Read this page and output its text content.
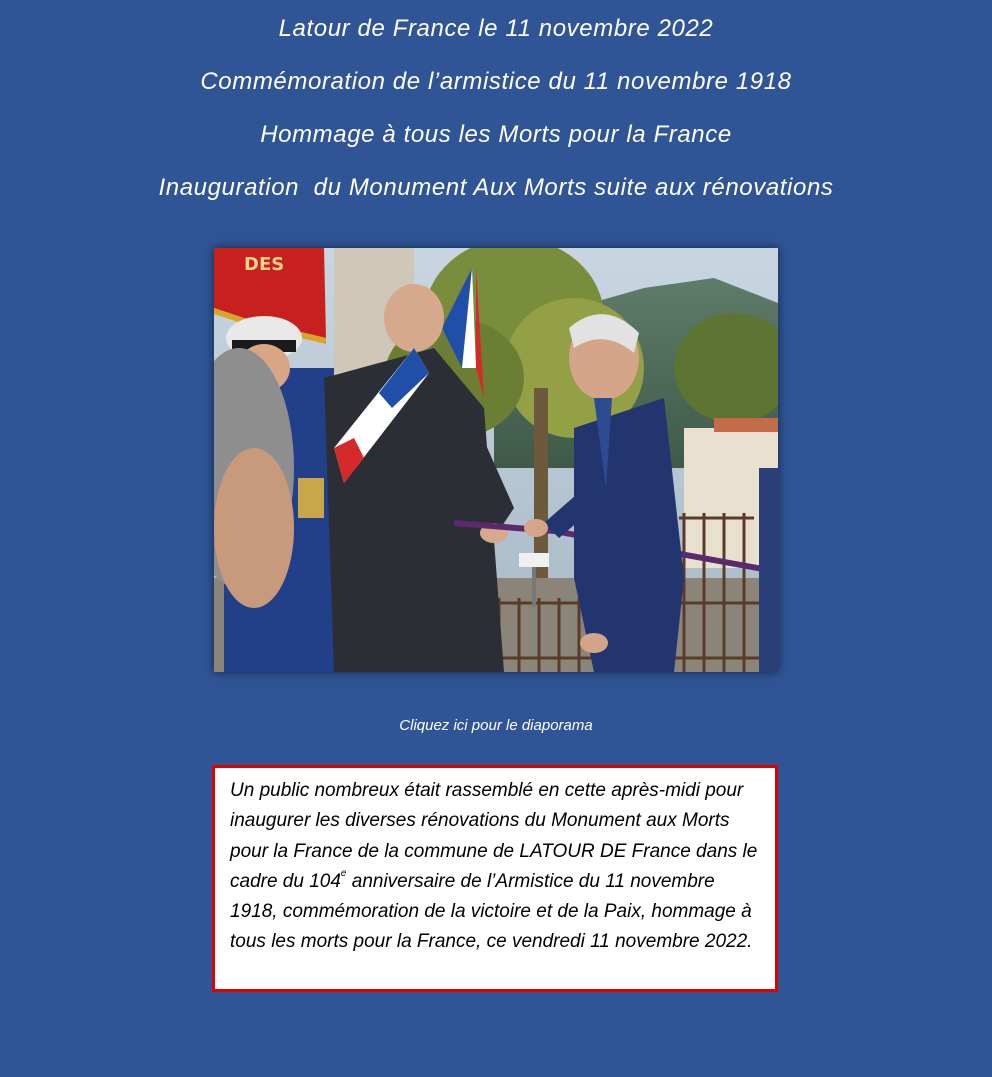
Latour de France le 11 novembre 2022
Commémoration de l’armistice du 11 novembre 1918
Hommage à tous les Morts pour la France
Inauguration  du Monument Aux Morts suite aux rénovations
DES
Cliquez ici pour le diaporama
Un public nombreux était rassemblé en cette après-midi pour inaugurer les diverses rénovations du Monument aux Morts pour la France de la commune de LATOUR DE France dans le cadre du 104e anniversaire de l’Armistice du 11 novembre 1918, commémoration de la victoire et de la Paix, hommage à tous les morts pour la France, ce vendredi 11 novembre 2022.
